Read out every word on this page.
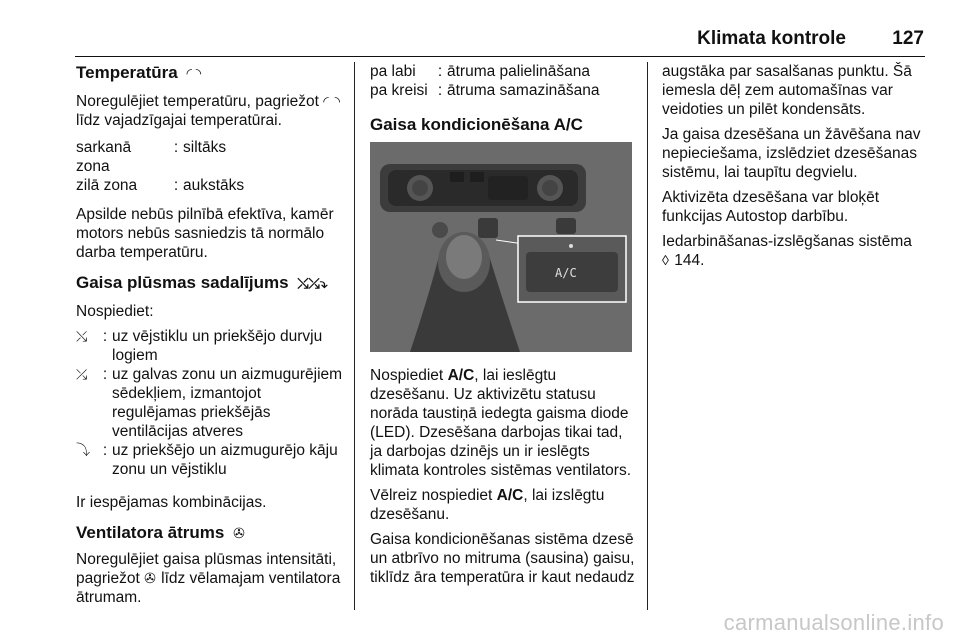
Klimata kontrole 127
Temperatūra ◜ ◝

Noregulējiet temperatūru, pagriežot ◜ ◝ līdz vajadzīgajai temperatūrai.

sarkanā zona
: siltāks
zilā zona	: aukstāks

Apsilde nebūs pilnībā efektīva, kamēr motors nebūs sasniedzis tā normālo darba temperatūru.

Gaisa plūsmas sadalījums ⤯⤰⤵

Nospiediet:

⤯ : uz vējstiklu un priekšējo durvju logiem
⤰ : uz galvas zonu un aizmugurējiem sēdekļiem, izmantojot regulējamas priekšējās ventilācijas atveres
⤵ : uz priekšējo un aizmugurējo kāju zonu un vējstiklu

Ir iespējamas kombinācijas.

Ventilatora ātrums ✇

Noregulējiet gaisa plūsmas intensitāti, pagriežot ✇ līdz vēlamajam ventilatora ātrumam.

pa labi	: ātruma palielināšana
pa kreisi : ātruma samazināšana
Gaisa kondicionēšana A/C
A/C

Nospiediet A/C, lai ieslēgtu dzesēšanu. Uz aktivizētu statusu norāda taustiņā iedegta gaisma diode (LED). Dzesēšana darbojas tikai tad, ja darbojas dzinējs un ir ieslēgts klimata kontroles sistēmas ventilators.

Vēlreiz nospiediet A/C, lai izslēgtu dzesēšanu.

Gaisa kondicionēšanas sistēma dzesē un atbrīvo no mitruma (sausina) gaisu, tiklīdz āra temperatūra ir kaut nedaudz

augstāka par sasalšanas punktu. Šā iemesla dēļ zem automašīnas var veidoties un pilēt kondensāts.

Ja gaisa dzesēšana un žāvēšana nav nepieciešama, izslēdziet dzesēšanas sistēmu, lai taupītu degvielu.

Aktivizēta dzesēšana var bloķēt funkcijas Autostop darbību.

Iedarbināšanas-izslēgšanas sistēma
◊ 144.

carmanualsonline.info
